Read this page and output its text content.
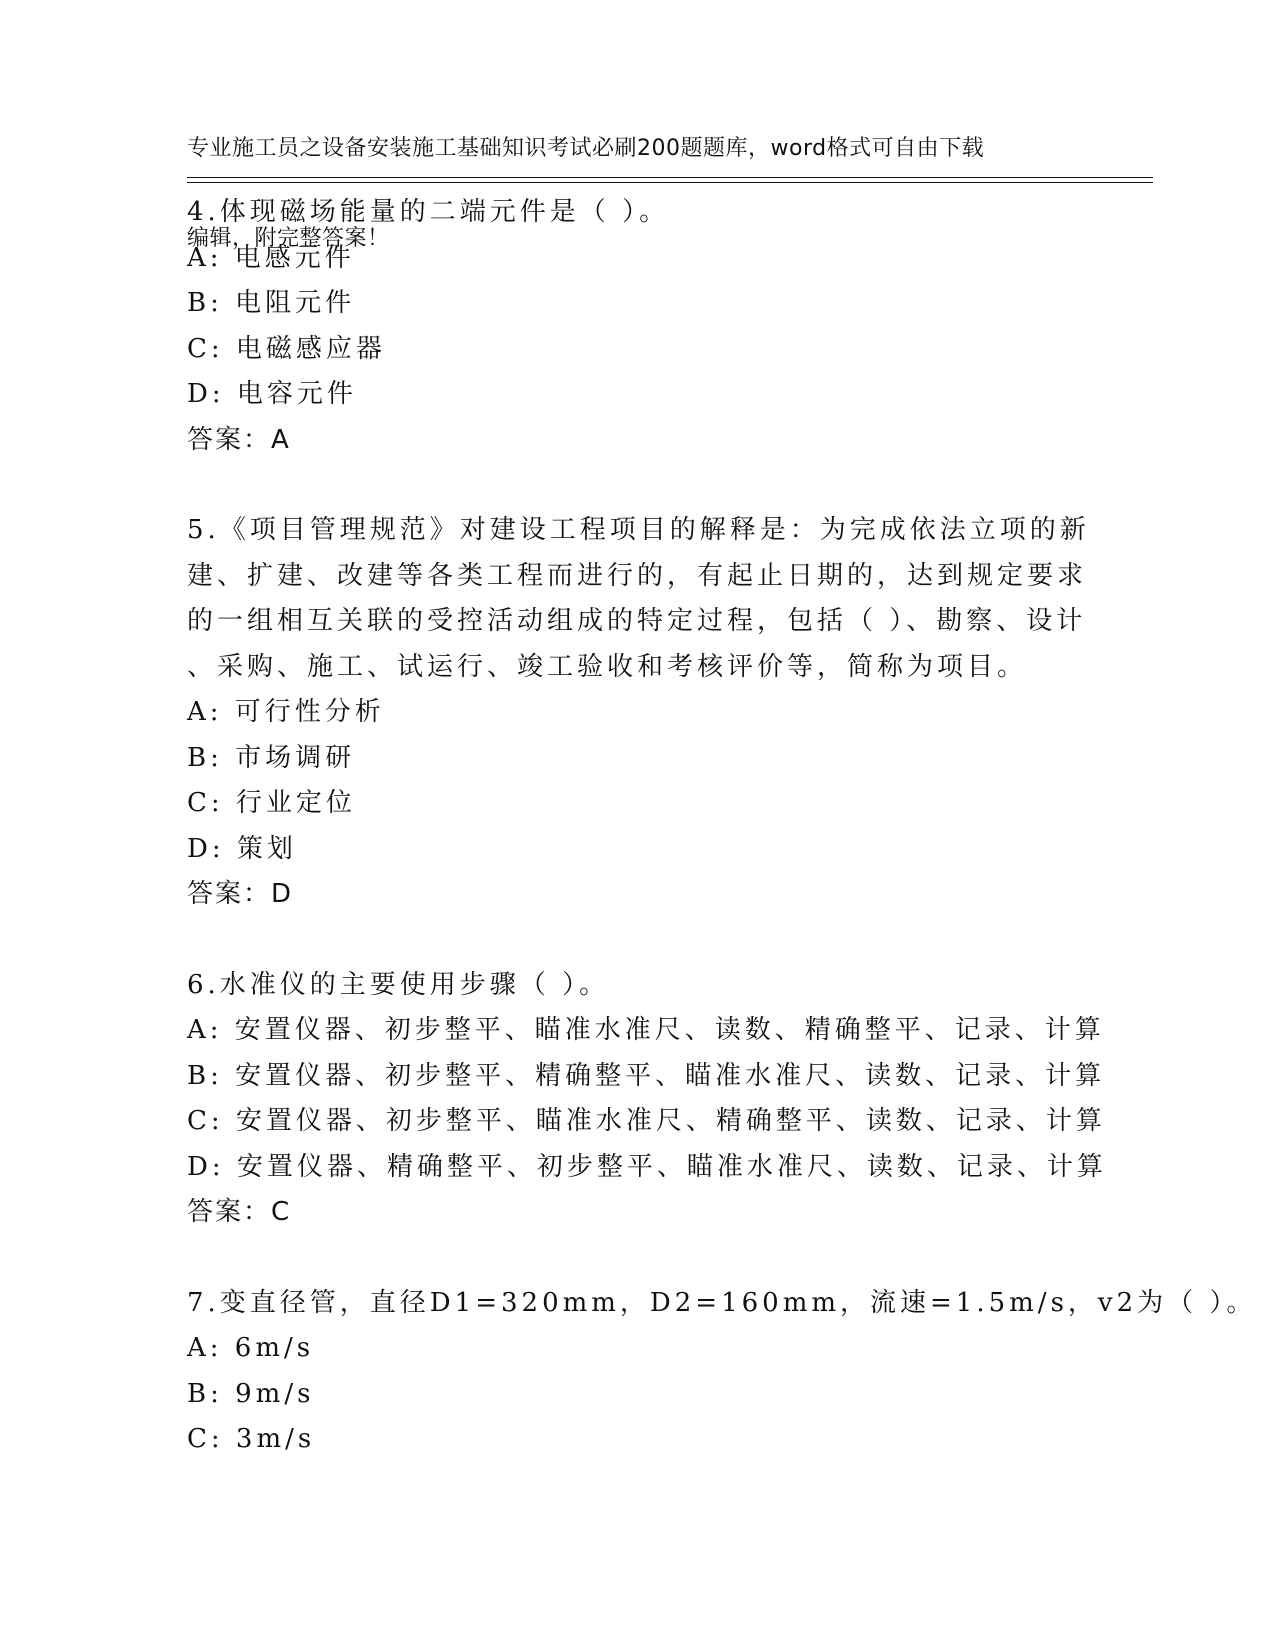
专业施工员之设备安装施工基础知识考试必刷200题题库，word格式可自由下载

编辑，附完整答案！

4.体现磁场能量的二端元件是（ ）。
A: 电感元件
B: 电阻元件
C: 电磁感应器
D: 电容元件
答案：A
5.《项目管理规范》对建设工程项目的解释是：为完成依法立项的新
建、扩建、改建等各类工程而进行的，有起止日期的，达到规定要求
的一组相互关联的受控活动组成的特定过程，包括（ ）、勘察、设计
、采购、施工、试运行、竣工验收和考核评价等，简称为项目。
A: 可行性分析
B: 市场调研
C: 行业定位
D: 策划
答案：D
6.水准仪的主要使用步骤（ ）。
A: 安置仪器、初步整平、瞄准水准尺、读数、精确整平、记录、计算
B: 安置仪器、初步整平、精确整平、瞄准水准尺、读数、记录、计算
C: 安置仪器、初步整平、瞄准水准尺、精确整平、读数、记录、计算
D: 安置仪器、精确整平、初步整平、瞄准水准尺、读数、记录、计算
答案：C
7.变直径管，直径D1=320mm，D2=160mm，流速=1.5m/s，v2为（ ）。
A: 6m/s
B: 9m/s
C: 3m/s
